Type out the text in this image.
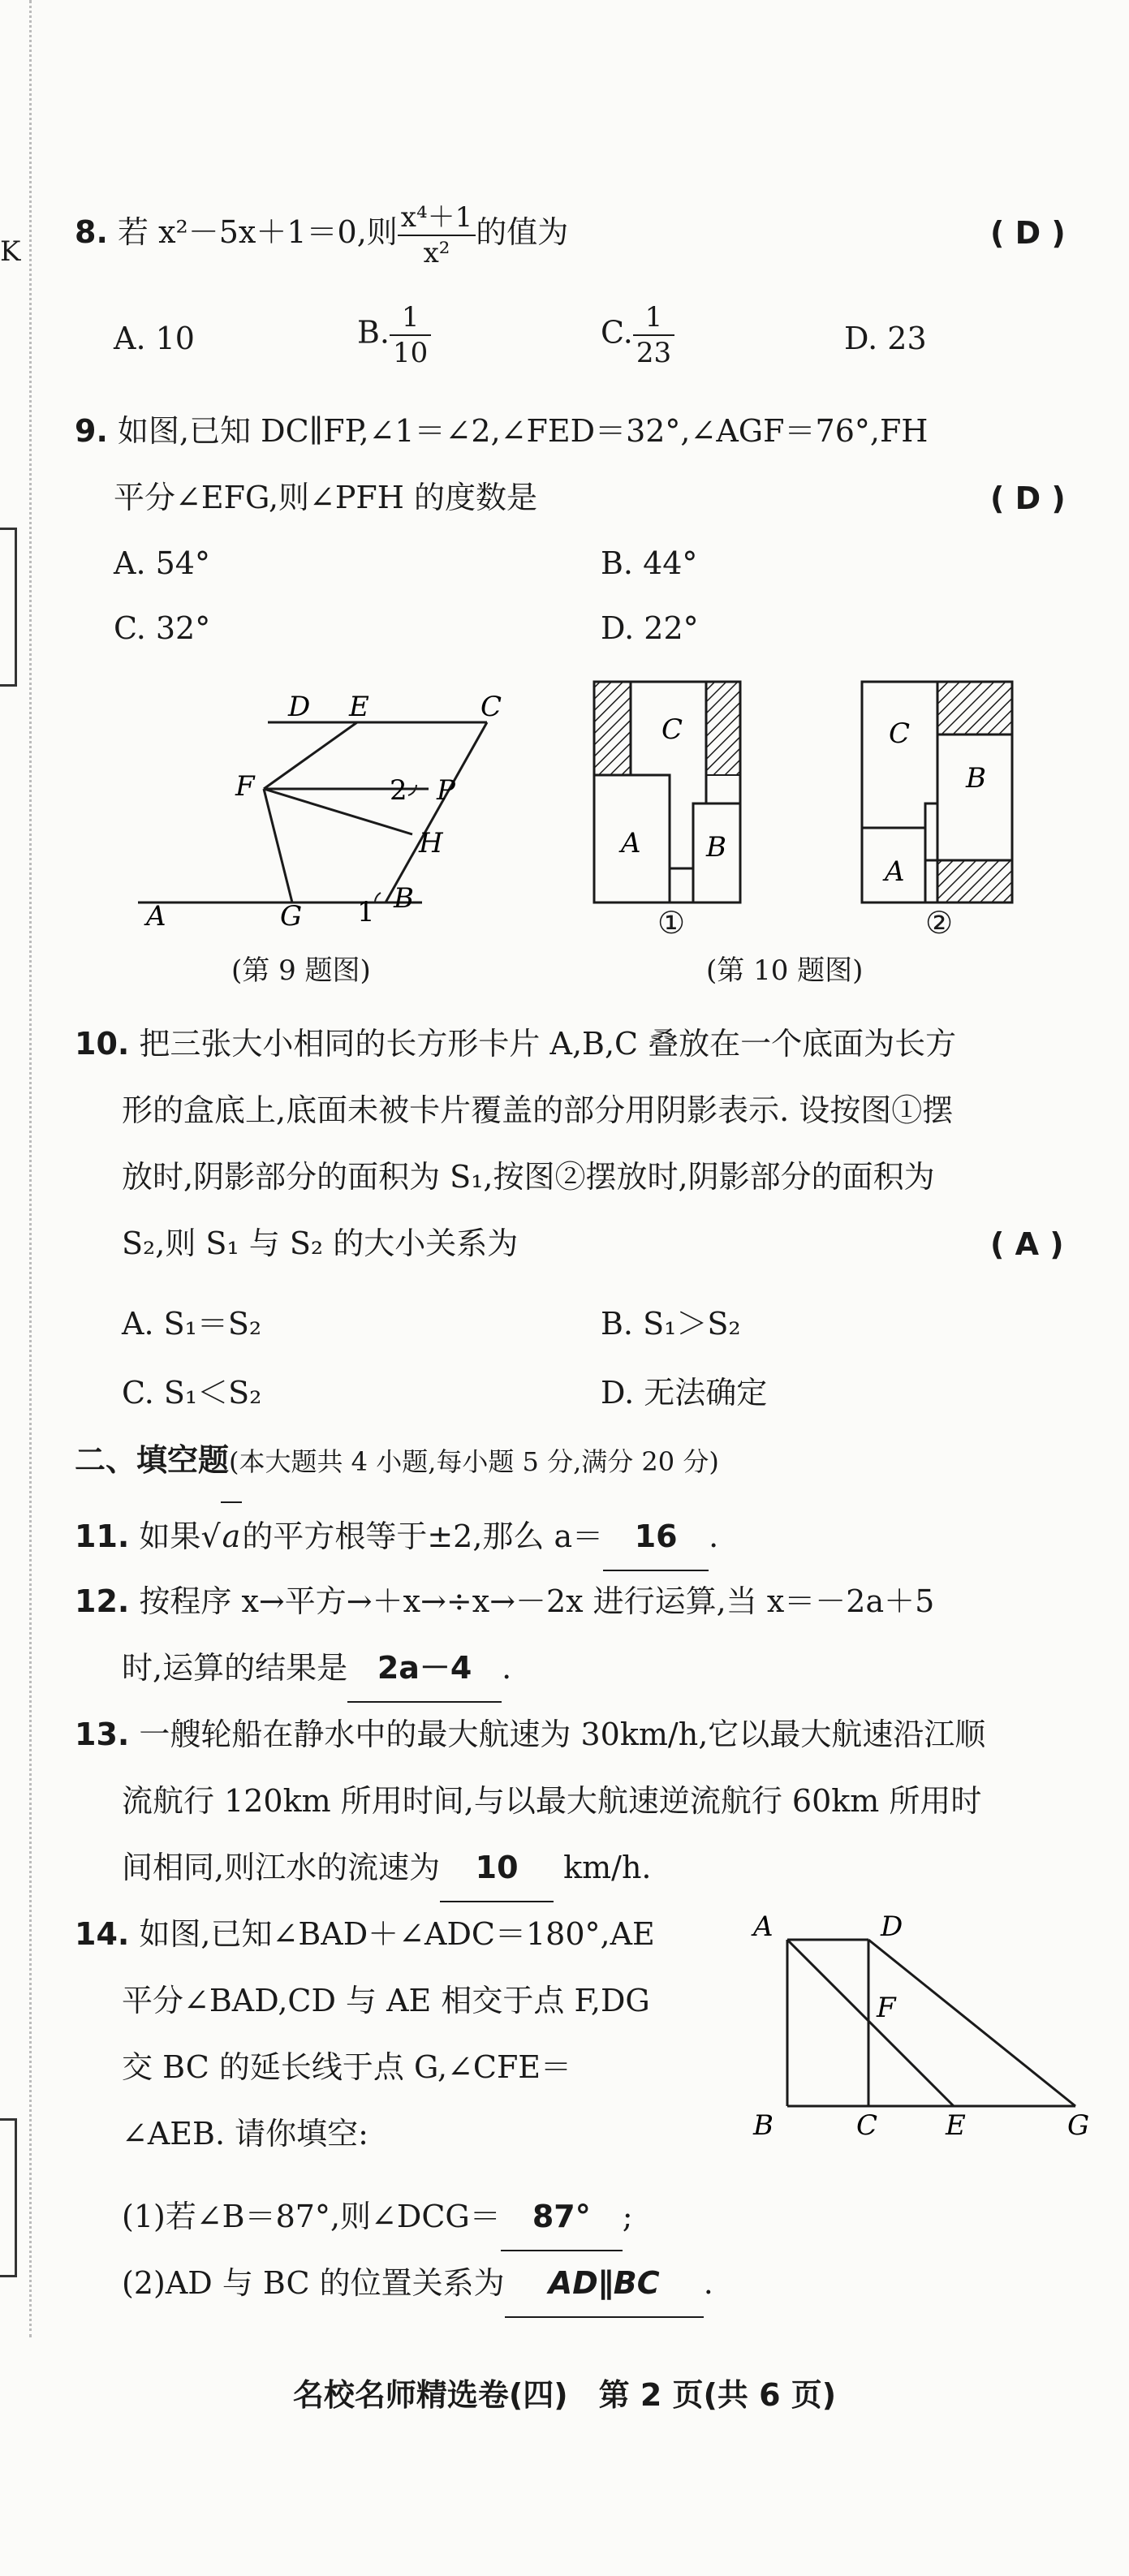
K
8. 若 x²－5x＋1＝0,则 $\frac{\text{x⁴＋1}}{\text{x²}}$ 的值为	( D )
A. 10	B. $\frac{1}{10}$	C. $\frac{1}{23}$	D. 23
9. 如图,已知 DC∥FP,∠1＝∠2,∠FED＝32°,∠AGF＝76°,FH
平分∠EFG,则∠PFH 的度数是	( D )
A. 54°	B. 44°
C. 32°	D. 22°
D E	C
F	P
H
2
1 B
A	G
(第 9 题图)
C
A B
①
C
B
A
②
(第 10 题图)
10. 把三张大小相同的长方形卡片 A,B,C 叠放在一个底面为长方
形的盒底上,底面未被卡片覆盖的部分用阴影表示. 设按图①摆
放时,阴影部分的面积为 S₁,按图②摆放时,阴影部分的面积为
S₂,则 S₁ 与 S₂ 的大小关系为	( A )
A. S₁＝S₂	B. S₁＞S₂
C. S₁＜S₂	D. 无法确定
二、填空题(本大题共 4 小题,每小题 5 分,满分 20 分)
11. 如果√a的平方根等于±2,那么 a＝ 16 .
12. 按程序 x→平方→＋x→÷x→－2x 进行运算,当 x＝－2a＋5
时,运算的结果是 2a－4 .
13. 一艘轮船在静水中的最大航速为 30km/h,它以最大航速沿江顺
流航行 120km 所用时间,与以最大航速逆流航行 60km 所用时
间相同,则江水的流速为 10 km/h.
14. 如图,已知∠BAD＋∠ADC＝180°,AE
平分∠BAD,CD 与 AE 相交于点 F,DG
交 BC 的延长线于点 G,∠CFE＝
∠AEB. 请你填空:
(1)若∠B＝87°,则∠DCG＝ 87° ;
(2)AD 与 BC 的位置关系为 AD∥BC .
A	D
F
B	C E	G
名校名师精选卷(四)　第 2 页(共 6 页)
